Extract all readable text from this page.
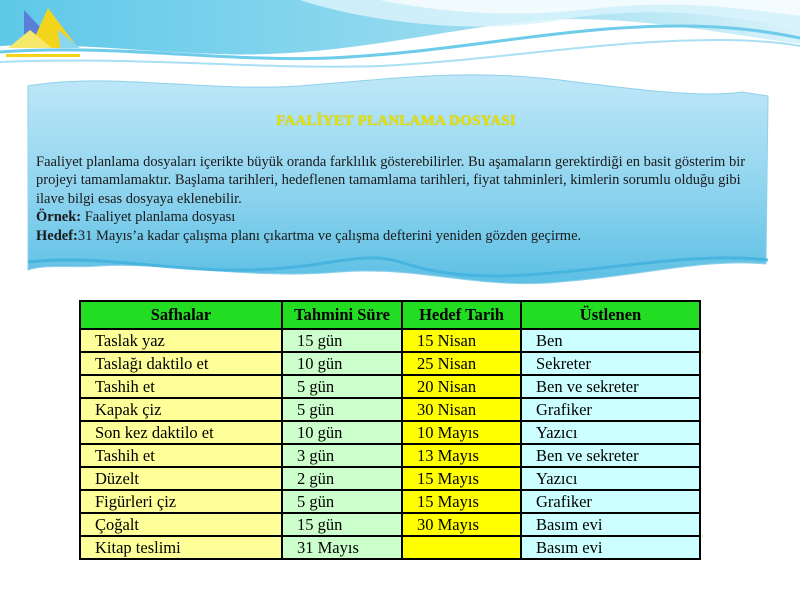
FAALİYET PLANLAMA DOSYASI

Faaliyet planlama dosyaları içerikte büyük oranda farklılık gösterebilirler. Bu aşamaların gerektirdiği en basit gösterim bir projeyi tamamlamaktır. Başlama tarihleri, hedeflenen tamamlama tarihleri, fiyat tahminleri, kimlerin sorumlu olduğu gibi ilave bilgi esas dosyaya eklenebilir.

Örnek: Faaliyet planlama dosyası

Hedef:31 Mayıs’a kadar çalışma planı çıkartma ve çalışma defterini yeniden gözden geçirme.

Safhalar	Tahmini Süre	Hedef Tarih	Üstlenen
Taslak yaz	15 gün	15 Nisan	Ben
Taslağı daktilo et	10 gün	25 Nisan	Sekreter
Tashih et	5 gün	20 Nisan	Ben ve sekreter
Kapak çiz	5 gün	30 Nisan	Grafiker
Son kez daktilo et	10 gün	10 Mayıs	Yazıcı
Tashih et	3 gün	13 Mayıs	Ben ve sekreter
Düzelt	2 gün	15 Mayıs	Yazıcı
Figürleri çiz	5 gün	15 Mayıs	Grafiker
Çoğalt	15 gün	30 Mayıs	Basım evi
Kitap teslimi	31 Mayıs		Basım evi
